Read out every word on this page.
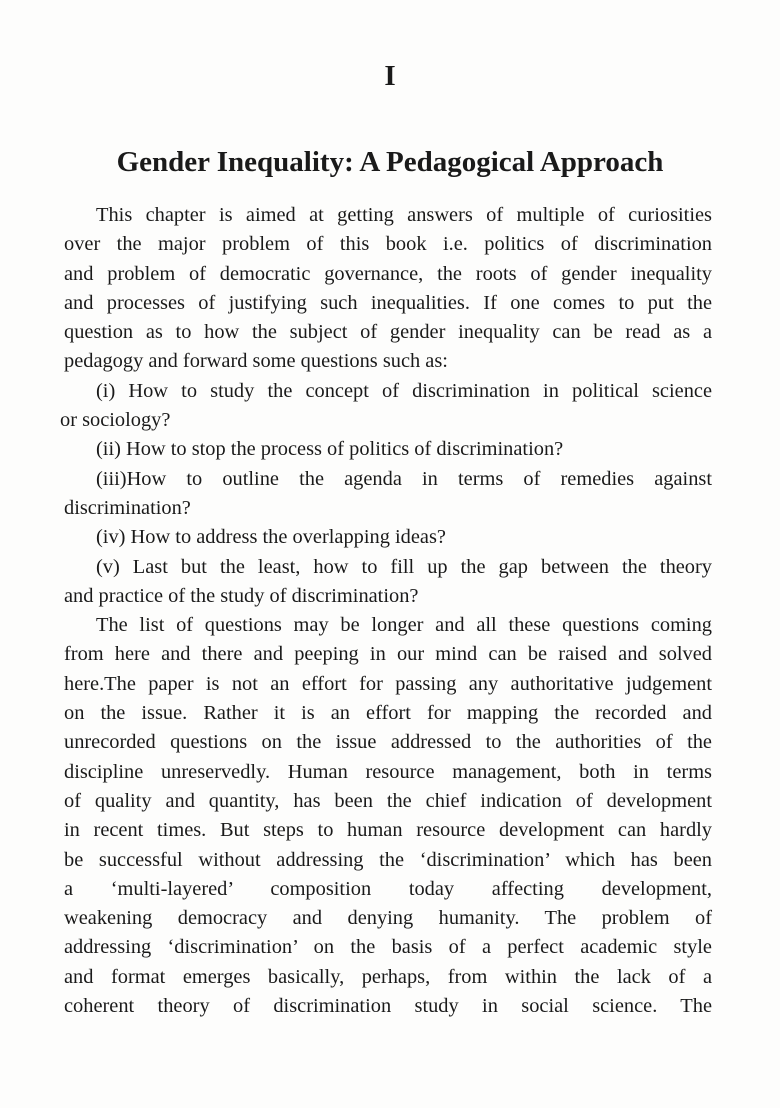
I
Gender Inequality: A Pedagogical Approach
This chapter is aimed at getting answers of multiple of curiosities
over the major problem of this book i.e. politics of discrimination
and problem of democratic governance, the roots of gender inequality
and processes of justifying such inequalities. If one comes to put the
question as to how the subject of gender inequality can be read as a
pedagogy and forward some questions such as:
(i) How to study the concept of discrimination in political science
or sociology?
(ii) How to stop the process of politics of discrimination?
(iii)How to outline the agenda in terms of remedies against
discrimination?
(iv) How to address the overlapping ideas?
(v) Last but the least, how to fill up the gap between the theory
and practice of the study of discrimination?
The list of questions may be longer and all these questions coming
from here and there and peeping in our mind can be raised and solved
here.The paper is not an effort for passing any authoritative judgement
on the issue. Rather it is an effort for mapping the recorded and
unrecorded questions on the issue addressed to the authorities of the
discipline unreservedly. Human resource management, both in terms
of quality and quantity, has been the chief indication of development
in recent times. But steps to human resource development can hardly
be successful without addressing the ‘discrimination’ which has been
a ‘multi-layered’ composition today affecting development,
weakening democracy and denying humanity. The problem of
addressing ‘discrimination’ on the basis of a perfect academic style
and format emerges basically, perhaps, from within the lack of a
coherent theory of discrimination study in social science. The
